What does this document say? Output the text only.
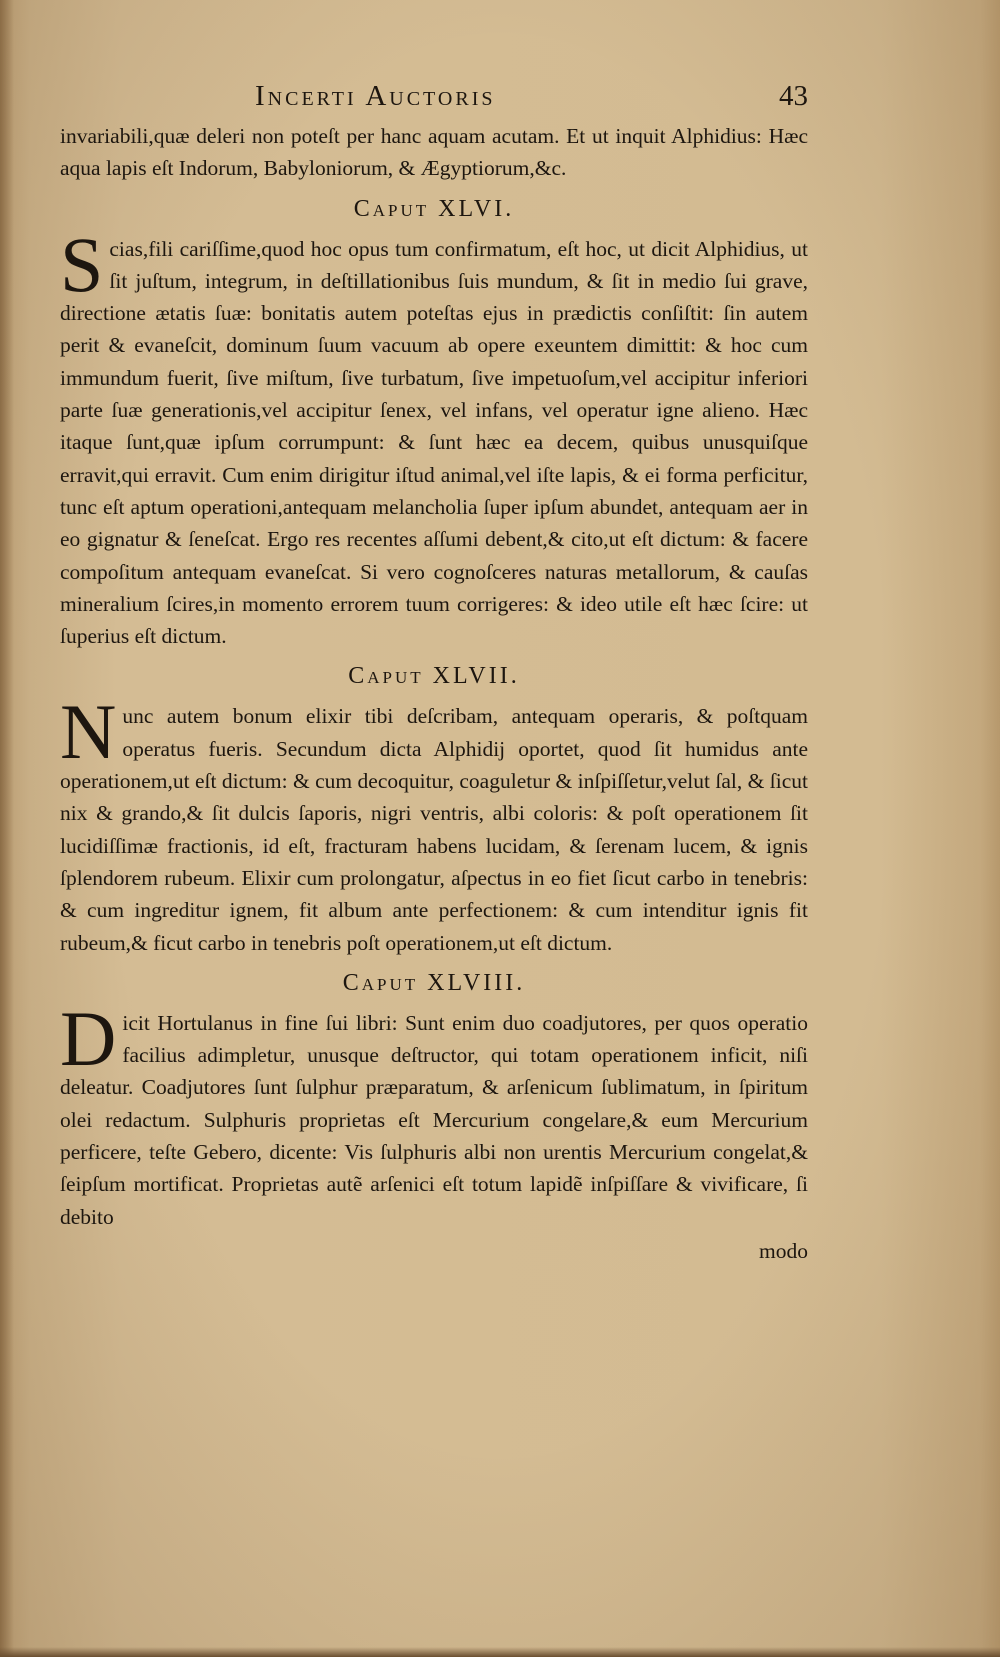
Incerti Auctoris	43

invariabili,quæ deleri non poteſt per hanc aquam acutam. Et ut inquit Alphidius: Hæc aqua lapis eſt Indorum, Babyloniorum, & Ægyptiorum,&c.

Caput XLVI.

Scias,fili cariſſime,quod hoc opus tum confirmatum, eſt hoc, ut dicit Alphidius, ut ſit juſtum, integrum, in deſtillationibus ſuis mundum, & ſit in medio ſui grave, directione ætatis ſuæ: bonitatis autem poteſtas ejus in prædictis conſiſtit: ſin autem perit & evaneſcit, dominum ſuum vacuum ab opere exeuntem dimittit: & hoc cum immundum fuerit, ſive miſtum, ſive turbatum, ſive impetuoſum,vel accipitur inferiori parte ſuæ generationis,vel accipitur ſenex, vel infans, vel operatur igne alieno. Hæc itaque ſunt,quæ ipſum corrumpunt: & ſunt hæc ea decem, quibus unusquiſque erravit,qui erravit. Cum enim dirigitur iſtud animal,vel iſte lapis, & ei forma perficitur, tunc eſt aptum operationi,antequam melancholia ſuper ipſum abundet, antequam aer in eo gignatur & ſeneſcat. Ergo res recentes aſſumi debent,& cito,ut eſt dictum: & facere compoſitum antequam evaneſcat. Si vero cognoſceres naturas metallorum, & cauſas mineralium ſcires,in momento errorem tuum corrigeres: & ideo utile eſt hæc ſcire: ut ſuperius eſt dictum.

Caput XLVII.

Nunc autem bonum elixir tibi deſcribam, antequam operaris, & poſtquam operatus fueris. Secundum dicta Alphidij oportet, quod ſit humidus ante operationem,ut eſt dictum: & cum decoquitur, coaguletur & inſpiſſetur,velut ſal, & ſicut nix & grando,& ſit dulcis ſaporis, nigri ventris, albi coloris: & poſt operationem ſit lucidiſſimæ fractionis, id eſt, fracturam habens lucidam, & ſerenam lucem, & ignis ſplendorem rubeum. Elixir cum prolongatur, aſpectus in eo fiet ſicut carbo in tenebris: & cum ingreditur ignem, fit album ante perfectionem: & cum intenditur ignis fit rubeum,& ficut carbo in tenebris poſt operationem,ut eſt dictum.

Caput XLVIII.

Dicit Hortulanus in fine ſui libri: Sunt enim duo coadjutores, per quos operatio facilius adimpletur, unusque deſtructor, qui totam operationem inficit, niſi deleatur. Coadjutores ſunt ſulphur præparatum, & arſenicum ſublimatum, in ſpiritum olei redactum. Sulphuris proprietas eſt Mercurium congelare,& eum Mercurium perficere, teſte Gebero, dicente: Vis ſulphuris albi non urentis Mercurium congelat,& ſeipſum mortificat. Proprietas autẽ arſenici eſt totum lapidẽ inſpiſſare & vivificare, ſi debito

modo
